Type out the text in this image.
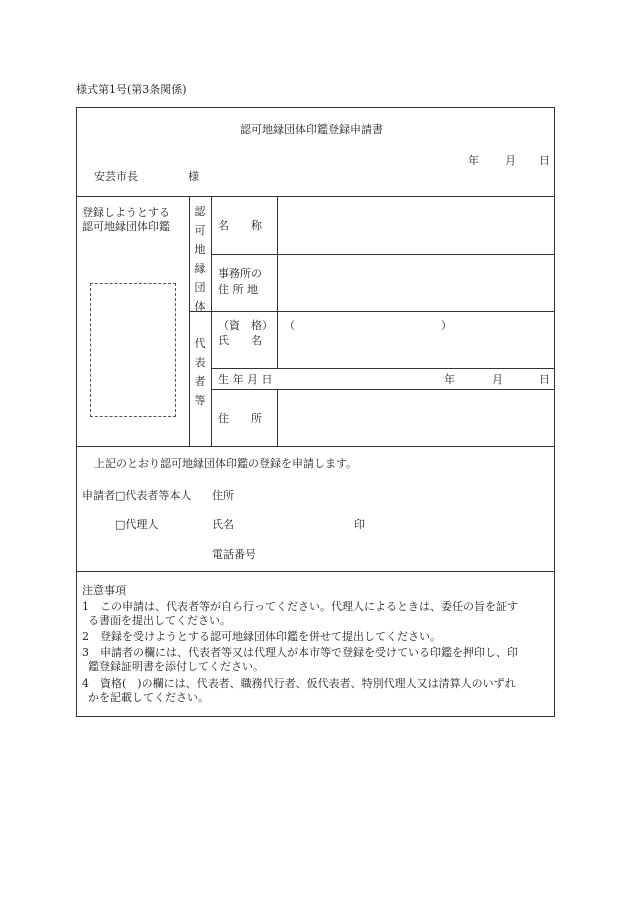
様式第1号(第3条関係)
認可地縁団体印鑑登録申請書
年 月 日
安芸市長	様
登録しようとする
認可地縁団体印鑑
認
可
地
縁
団
体
代
表
者
等
名　　称
事務所の
住 所 地
（資　格）
氏　　名
（	）
生 年 月 日	年	月	日
住　　所
上記のとおり認可地縁団体印鑑の登録を申請します。
申請者 □代表者等本人 住所
□代理人	氏名	印
電話番号
注意事項
1　この申請は、代表者等が自ら行ってください。代理人によるときは、委任の旨を証す
る書面を提出してください。
2　登録を受けようとする認可地縁団体印鑑を併せて提出してください。
3　申請者の欄には、代表者等又は代理人が本市等で登録を受けている印鑑を押印し、印
鑑登録証明書を添付してください。
4　資格(　)の欄には、代表者、職務代行者、仮代表者、特別代理人又は清算人のいずれ
かを記載してください。
